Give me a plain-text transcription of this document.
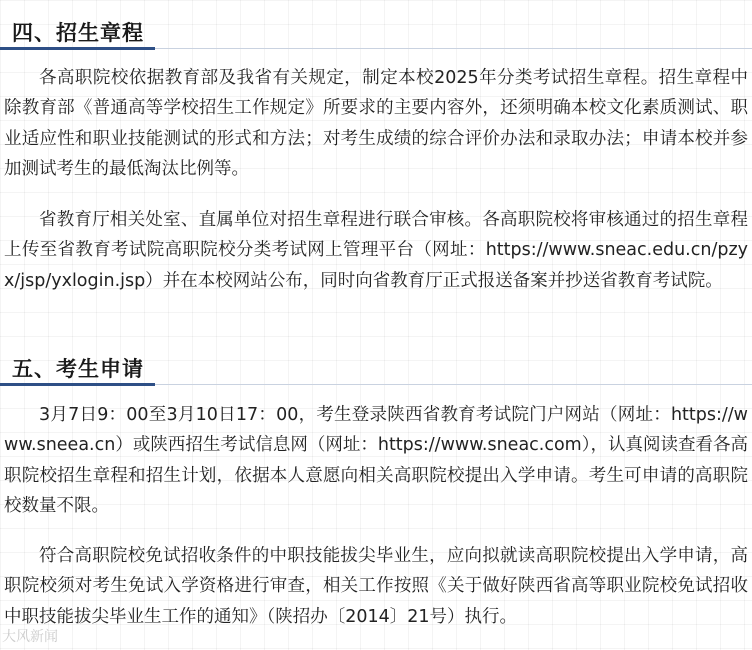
四、招生章程

各高职院校依据教育部及我省有关规定，制定本校2025年分类考试招生章程。招生章程中除教育部《普通高等学校招生工作规定》所要求的主要内容外，还须明确本校文化素质测试、职业适应性和职业技能测试的形式和方法；对考生成绩的综合评价办法和录取办法；申请本校并参加测试考生的最低淘汰比例等。

省教育厅相关处室、直属单位对招生章程进行联合审核。各高职院校将审核通过的招生章程上传至省教育考试院高职院校分类考试网上管理平台（网址：https://www.sneac.edu.cn/pzyx/jsp/yxlogin.jsp）并在本校网站公布，同时向省教育厅正式报送备案并抄送省教育考试院。

五、考生申请

3月7日9：00至3月10日17：00，考生登录陕西省教育考试院门户网站（网址：https://www.sneea.cn）或陕西招生考试信息网（网址：https://www.sneac.com），认真阅读查看各高职院校招生章程和招生计划，依据本人意愿向相关高职院校提出入学申请。考生可申请的高职院校数量不限。

符合高职院校免试招收条件的中职技能拔尖毕业生，应向拟就读高职院校提出入学申请，高职院校须对考生免试入学资格进行审查，相关工作按照《关于做好陕西省高等职业院校免试招收中职技能拔尖毕业生工作的通知》（陕招办〔2014〕21号）执行。

大风新闻
